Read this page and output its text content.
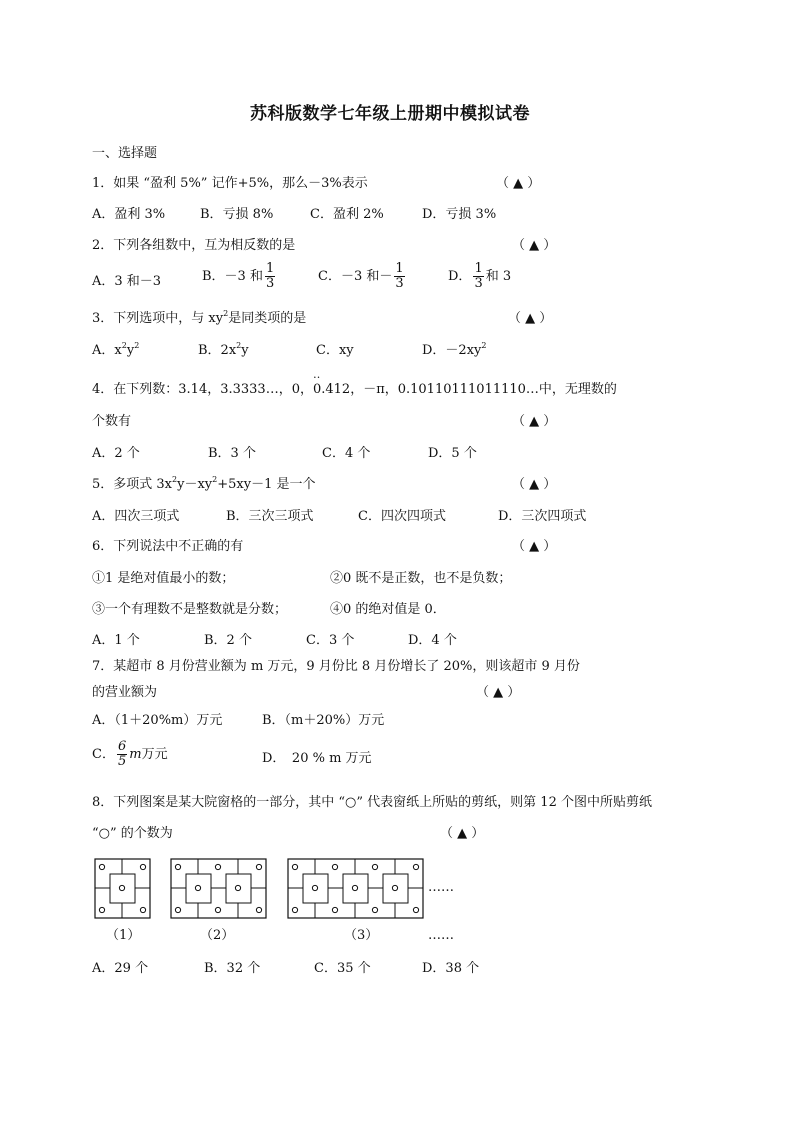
苏科版数学七年级上册期中模拟试卷
一、选择题
1．如果 “盈利 5%” 记作+5%，那么－3%表示	（ ▲ ）
A．盈利 3%	B．亏损 8%	C．盈利 2%	D．亏损 3%
2．下列各组数中，互为相反数的是	（ ▲ ）
A．3 和－3	B．－3 和 $\frac{1}{3}$	C．－3 和－ $\frac{1}{3}$	D． $\frac{1}{3}$ 和 3
3．下列选项中，与 $xy^2$是同类项的是	（ ▲ ）
A．$x^2y^2$	B．$2x^2y$	C．xy	D．$-2xy^2$
‥
4．在下列数：3.14，3.3333…，0，0.412，－π，0.10110111011110…中，无理数的
个数有	（ ▲ ）
A．2 个	B．3 个	C．4 个	D．5 个
5．多项式 $3x^2y-xy^2+5xy-1$ 是一个	（ ▲ ）
A．四次三项式	B．三次三项式	C．四次四项式	D．三次四项式
6．下列说法中不正确的有	（ ▲ ）
①1 是绝对值最小的数；	②0 既不是正数，也不是负数；
③一个有理数不是整数就是分数；	④0 的绝对值是 0．
A．1 个	B．2 个	C．3 个	D．4 个
7．某超市 8 月份营业额为 m 万元，9 月份比 8 月份增长了 20%，则该超市 9 月份
的营业额为	（ ▲ ）
A．（1＋20%m）万元	B．（m＋20%）万元
C． $\frac{6}{5}$ m万元	D．　20 % m 万元
8．下列图案是某大院窗格的一部分，其中 “○” 代表窗纸上所贴的剪纸，则第 12 个图中所贴剪纸
“○” 的个数为	（ ▲ ）
……
（1）	（2）	（3）	……
A．29 个	B．32 个	C．35 个	D．38 个
